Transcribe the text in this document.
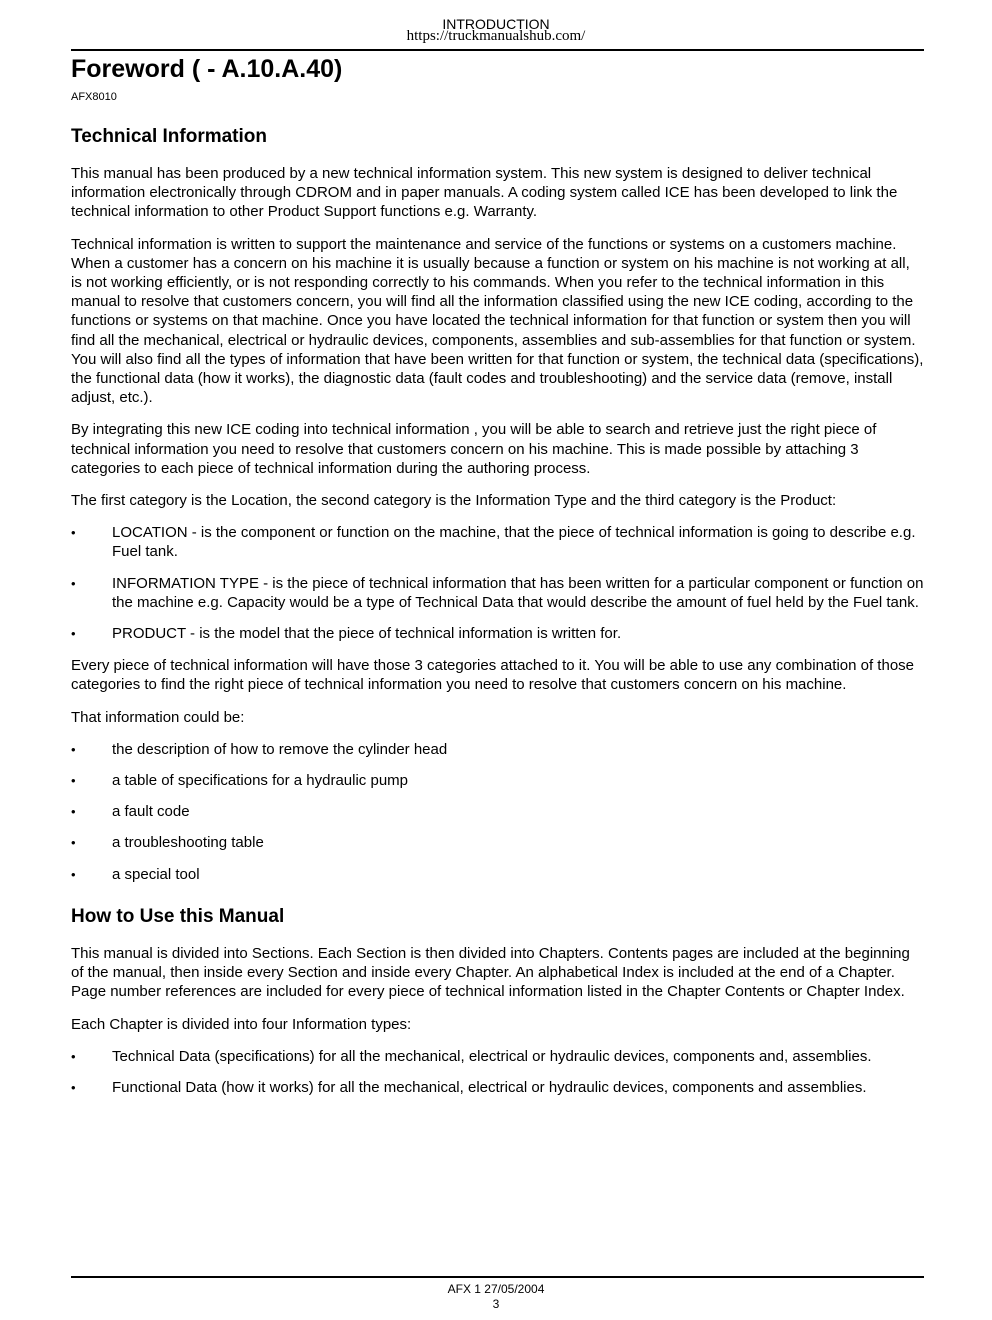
INTRODUCTION
https://truckmanualshub.com/
Foreword ( - A.10.A.40)
AFX8010
Technical Information

This manual has been produced by a new technical information system. This new system is designed to deliver technical information electronically through CDROM and in paper manuals. A coding system called ICE has been developed to link the technical information to other Product Support functions e.g. Warranty.

Technical information is written to support the maintenance and service of the functions or systems on a customers machine. When a customer has a concern on his machine it is usually because a function or system on his machine is not working at all, is not working efficiently, or is not responding correctly to his commands. When you refer to the technical information in this manual to resolve that customers concern, you will find all the information classified using the new ICE coding, according to the functions or systems on that machine. Once you have located the technical information for that function or system then you will find all the mechanical, electrical or hydraulic devices, components, assemblies and sub-assemblies for that function or system. You will also find all the types of information that have been written for that function or system, the technical data (specifications), the functional data (how it works), the diagnostic data (fault codes and troubleshooting) and the service data (remove, install adjust, etc.).

By integrating this new ICE coding into technical information , you will be able to search and retrieve just the right piece of technical information you need to resolve that customers concern on his machine. This is made possible by attaching 3 categories to each piece of technical information during the authoring process.

The first category is the Location, the second category is the Information Type and the third category is the Product:

•	LOCATION - is the component or function on the machine, that the piece of technical information is going to describe e.g. Fuel tank.
•	INFORMATION TYPE - is the piece of technical information that has been written for a particular component or function on the machine e.g. Capacity would be a type of Technical Data that would describe the amount of fuel held by the Fuel tank.
•	PRODUCT - is the model that the piece of technical information is written for.

Every piece of technical information will have those 3 categories attached to it. You will be able to use any combination of those categories to find the right piece of technical information you need to resolve that customers concern on his machine.

That information could be:

•	the description of how to remove the cylinder head
•	a table of specifications for a hydraulic pump
•	a fault code
•	a troubleshooting table
•	a special tool
How to Use this Manual

This manual is divided into Sections. Each Section is then divided into Chapters. Contents pages are included at the beginning of the manual, then inside every Section and inside every Chapter. An alphabetical Index is included at the end of a Chapter. Page number references are included for every piece of technical information listed in the Chapter Contents or Chapter Index.

Each Chapter is divided into four Information types:

•	Technical Data (specifications) for all the mechanical, electrical or hydraulic devices, components and, assemblies.
•	Functional Data (how it works) for all the mechanical, electrical or hydraulic devices, components and assemblies.
AFX 1 27/05/2004
3
